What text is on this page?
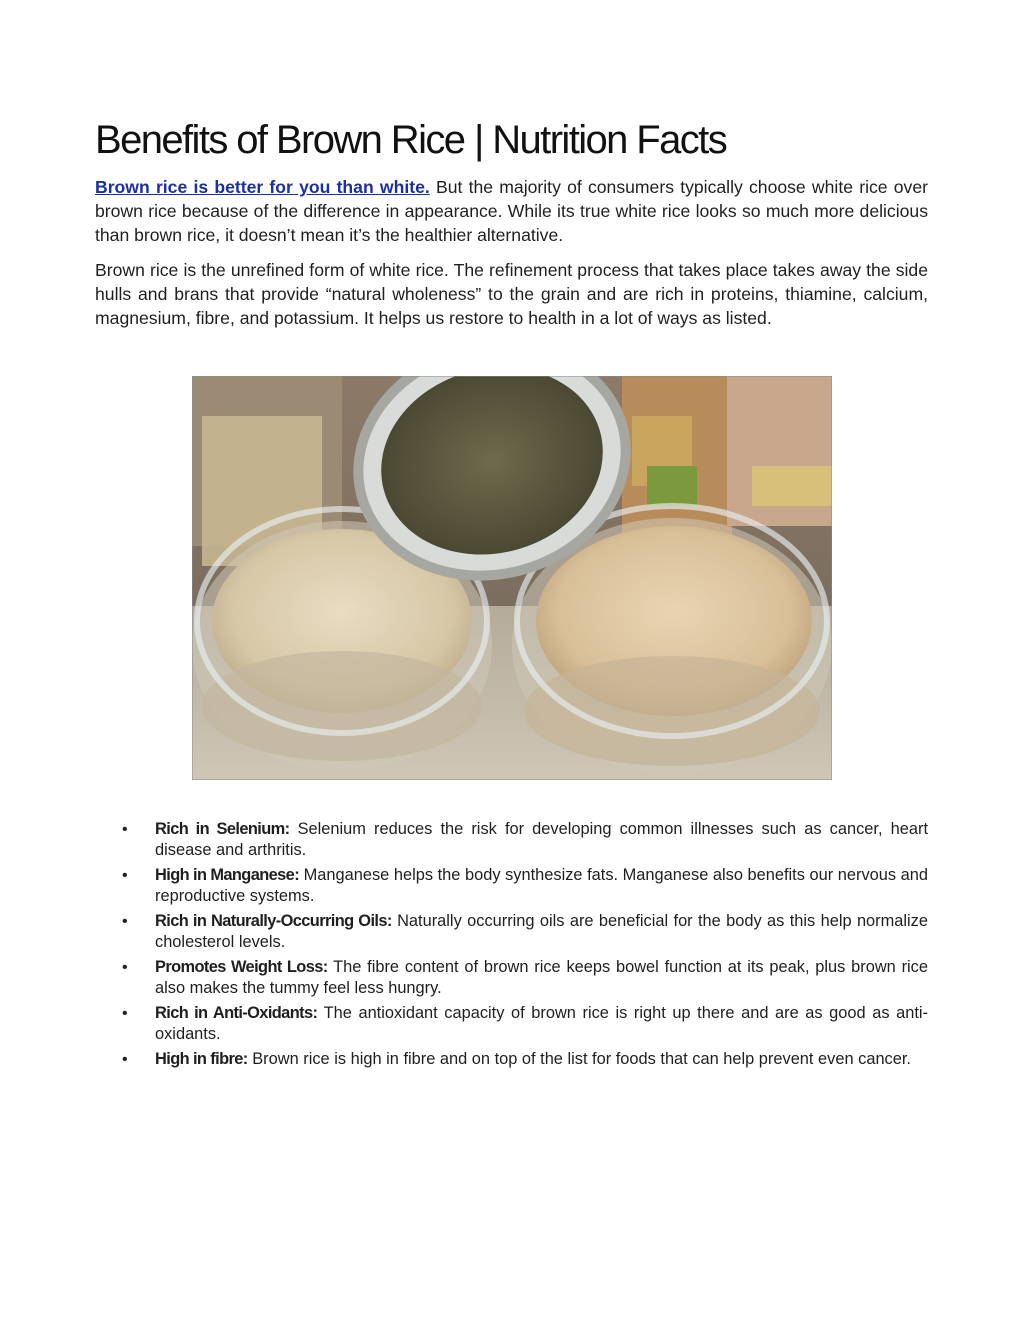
Benefits of Brown Rice | Nutrition Facts

Brown rice is better for you than white. But the majority of consumers typically choose white rice over brown rice because of the difference in appearance. While its true white rice looks so much more delicious than brown rice, it doesn’t mean it’s the healthier alternative.

Brown rice is the unrefined form of white rice. The refinement process that takes place takes away the side hulls and brans that provide “natural wholeness” to the grain and are rich in proteins, thiamine, calcium, magnesium, fibre, and potassium. It helps us restore to health in a lot of ways as listed.

• Rich in Selenium: Selenium reduces the risk for developing common illnesses such as cancer, heart disease and arthritis.
• High in Manganese: Manganese helps the body synthesize fats. Manganese also benefits our nervous and reproductive systems.
• Rich in Naturally-Occurring Oils: Naturally occurring oils are beneficial for the body as this help normalize cholesterol levels.
• Promotes Weight Loss: The fibre content of brown rice keeps bowel function at its peak, plus brown rice also makes the tummy feel less hungry.
• Rich in Anti-Oxidants: The antioxidant capacity of brown rice is right up there and are as good as anti-oxidants.
• High in fibre: Brown rice is high in fibre and on top of the list for foods that can help prevent even cancer.
